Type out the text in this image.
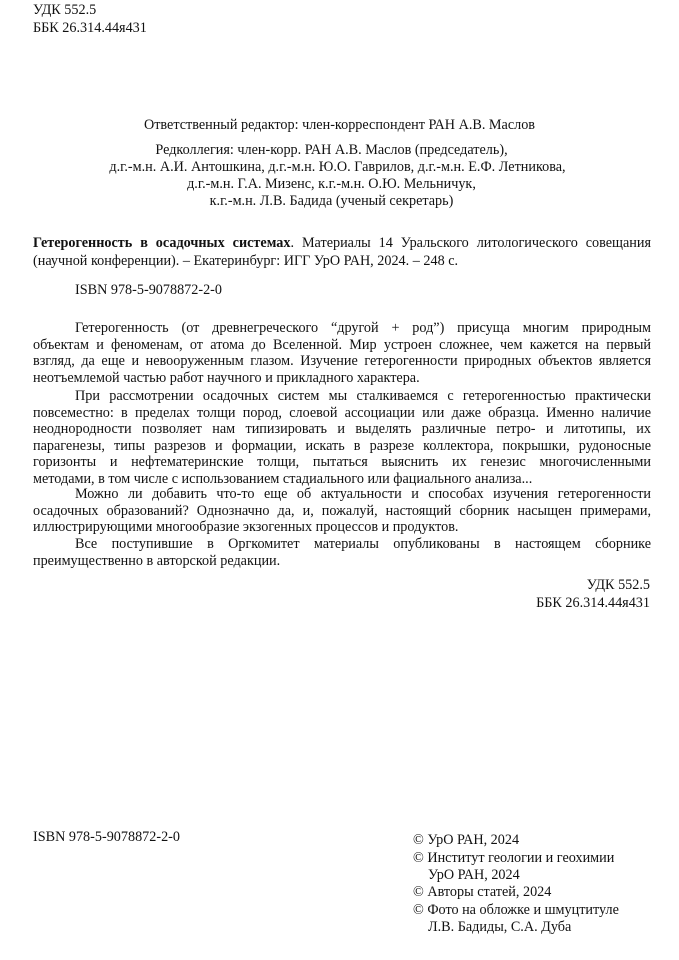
УДК 552.5
ББК 26.314.44я431
Ответственный редактор: член-корреспондент РАН А.В. Маслов
Редколлегия: член-корр. РАН А.В. Маслов (председатель),
д.г.-м.н. А.И. Антошкина, д.г.-м.н. Ю.О. Гаврилов, д.г.-м.н. Е.Ф. Летникова,
д.г.-м.н. Г.А. Мизенс, к.г.-м.н. О.Ю. Мельничук,
к.г.-м.н. Л.В. Бадида (ученый секретарь)
Гетерогенность в осадочных системах. Материалы 14 Уральского литологического совещания
(научной конференции). – Екатеринбург: ИГГ УрО РАН, 2024. – 248 с.
ISBN 978-5-9078872-2-0
Гетерогенность (от древнегреческого “другой + род”) присуща многим природным
объектам и феноменам, от атома до Вселенной. Мир устроен сложнее, чем кажется на первый
взгляд, да еще и невооруженным глазом. Изучение гетерогенности природных объектов является
неотъемлемой частью работ научного и прикладного характера.
При рассмотрении осадочных систем мы сталкиваемся с гетерогенностью практически
повсеместно: в пределах толщи пород, слоевой ассоциации или даже образца. Именно наличие
неоднородности позволяет нам типизировать и выделять различные петро- и литотипы, их
парагенезы, типы разрезов и формации, искать в разрезе коллектора, покрышки, рудоносные
горизонты и нефтематеринские толщи, пытаться выяснить их генезис многочисленными
методами, в том числе с использованием стадиального или фациального анализа...
Можно ли добавить что-то еще об актуальности и способах изучения гетерогенности
осадочных образований? Однозначно да, и, пожалуй, настоящий сборник насыщен примерами,
иллюстрирующими многообразие экзогенных процессов и продуктов.
Все поступившие в Оргкомитет материалы опубликованы в настоящем сборнике
преимущественно в авторской редакции.
УДК 552.5
ББК 26.314.44я431
ISBN 978-5-9078872-2-0	© УрО РАН, 2024
© Институт геологии и геохимии
УрО РАН, 2024
© Авторы статей, 2024
© Фото на обложке и шмуцтитуле
Л.В. Бадиды, С.А. Дуба
